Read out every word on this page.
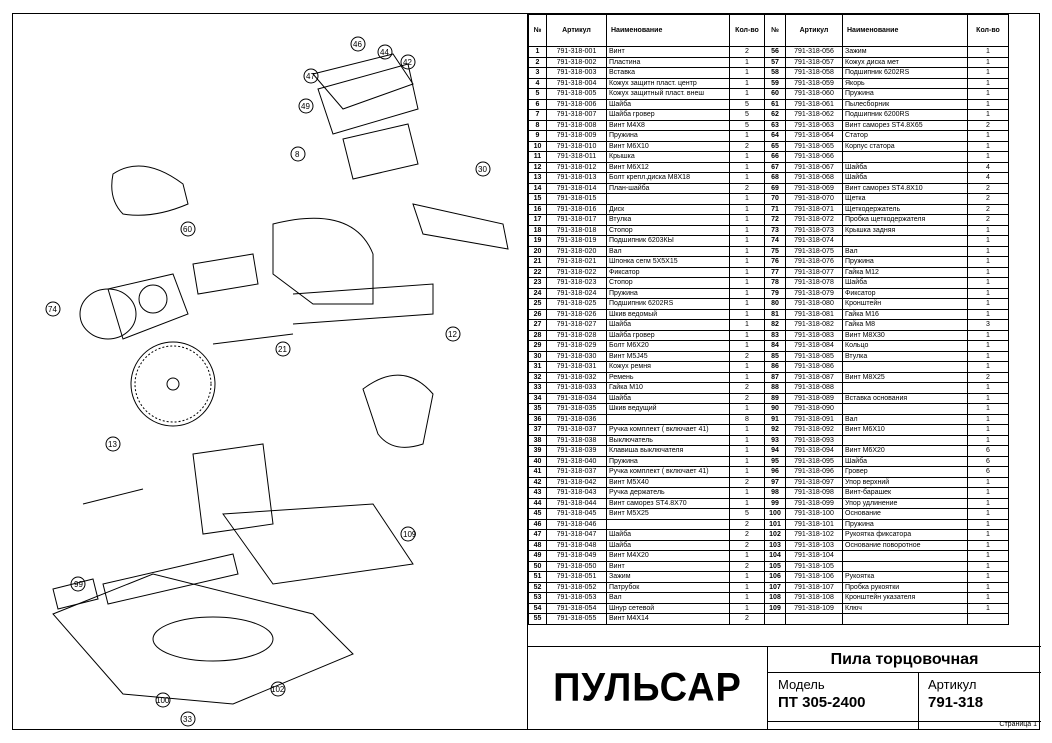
46
44
42
47
49
8
30
60
74
21
12
13
109
99
100
33
102
№	Артикул	Наименование	Кол-во	№	Артикул	Наименование	Кол-во
1	791-318-001	Винт	2	56	791-318-056	Зажим	1
2	791-318-002	Пластина	1	57	791-318-057	Кожух диска мет	1
3	791-318-003	Вставка	1	58	791-318-058	Подшипник 6202RS	1
4	791-318-004	Кожух защитн пласт. центр	1	59	791-318-059	Якорь	1
5	791-318-005	Кожух защитный пласт. внеш	1	60	791-318-060	Пружина	1
6	791-318-006	Шайба	5	61	791-318-061	Пылесборник	1
7	791-318-007	Шайба гровер	5	62	791-318-062	Подшипник 6200RS	1
8	791-318-008	Винт M4X8	5	63	791-318-063	Винт саморез ST4.8X65	2
9	791-318-009	Пружина	1	64	791-318-064	Статор	1
10	791-318-010	Винт M6X10	2	65	791-318-065	Корпус статора	1
11	791-318-011	Крышка	1	66	791-318-066		1
12	791-318-012	Винт M6X12	1	67	791-318-067	Шайба	4
13	791-318-013	Болт крепл.диска M8X18	1	68	791-318-068	Шайба	4
14	791-318-014	План-шайба	2	69	791-318-069	Винт саморез ST4.8X10	2
15	791-318-015		1	70	791-318-070	Щетка	2
16	791-318-016	Диск	1	71	791-318-071	Щеткодержатель	2
17	791-318-017	Втулка	1	72	791-318-072	Пробка щеткодержателя	2
18	791-318-018	Стопор	1	73	791-318-073	Крышка задняя	1
19	791-318-019	Подшипник 6203КЫ	1	74	791-318-074		1
20	791-318-020	Вал	1	75	791-318-075	Вал	1
21	791-318-021	Шпонка сегм 5X5X15	1	76	791-318-076	Пружина	1
22	791-318-022	Фиксатор	1	77	791-318-077	Гайка M12	1
23	791-318-023	Стопор	1	78	791-318-078	Шайба	1
24	791-318-024	Пружина	1	79	791-318-079	Фиксатор	1
25	791-318-025	Подшипник 6202RS	1	80	791-318-080	Кронштейн	1
26	791-318-026	Шкив ведомый	1	81	791-318-081	Гайка M16	1
27	791-318-027	Шайба	1	82	791-318-082	Гайка M8	3
28	791-318-028	Шайба гровер	1	83	791-318-083	Винт M8X30	1
29	791-318-029	Болт M6X20	1	84	791-318-084	Кольцо	1
30	791-318-030	Винт M5J45	2	85	791-318-085	Втулка	1
31	791-318-031	Кожух ремня	1	86	791-318-086		1
32	791-318-032	Ремень	1	87	791-318-087	Винт M8X25	2
33	791-318-033	Гайка M10	2	88	791-318-088		1
34	791-318-034	Шайба	2	89	791-318-089	Вставка основания	1
35	791-318-035	Шкив ведущий	1	90	791-318-090		1
36	791-318-036		8	91	791-318-091	Вал	1
37	791-318-037	Ручка комплект ( включает 41)	1	92	791-318-092	Винт M6X10	1
38	791-318-038	Выключатель	1	93	791-318-093		1
39	791-318-039	Клавиша выключателя	1	94	791-318-094	Винт M6X20	6
40	791-318-040	Пружина	1	95	791-318-095	Шайба	6
41	791-318-037	Ручка комплект ( включает 41)	1	96	791-318-096	Гровер	6
42	791-318-042	Винт M5X40	2	97	791-318-097	Упор верхний	1
43	791-318-043	Ручка держатель	1	98	791-318-098	Винт-барашек	1
44	791-318-044	Винт саморез ST4.8X70	1	99	791-318-099	Упор удлинение	1
45	791-318-045	Винт M5X25	5	100	791-318-100	Основание	1
46	791-318-046		2	101	791-318-101	Пружина	1
47	791-318-047	Шайба	2	102	791-318-102	Рукоятка фиксатора	1
48	791-318-048	Шайба	2	103	791-318-103	Основание поворотное	1
49	791-318-049	Винт M4X20	1	104	791-318-104		1
50	791-318-050	Винт	2	105	791-318-105		1
51	791-318-051	Зажим	1	106	791-318-106	Рукоятка	1
52	791-318-052	Патрубок	1	107	791-318-107	Пробка рукоятки	1
53	791-318-053	Вал	1	108	791-318-108	Кронштейн указателя	1
54	791-318-054	Шнур сетевой	1	109	791-318-109	Ключ	1
55	791-318-055	Винт M4X14	2				
ПУЛЬСАР
Пила торцовочная
Модель
ПТ 305-2400
Артикул
791-318
Страница 1
